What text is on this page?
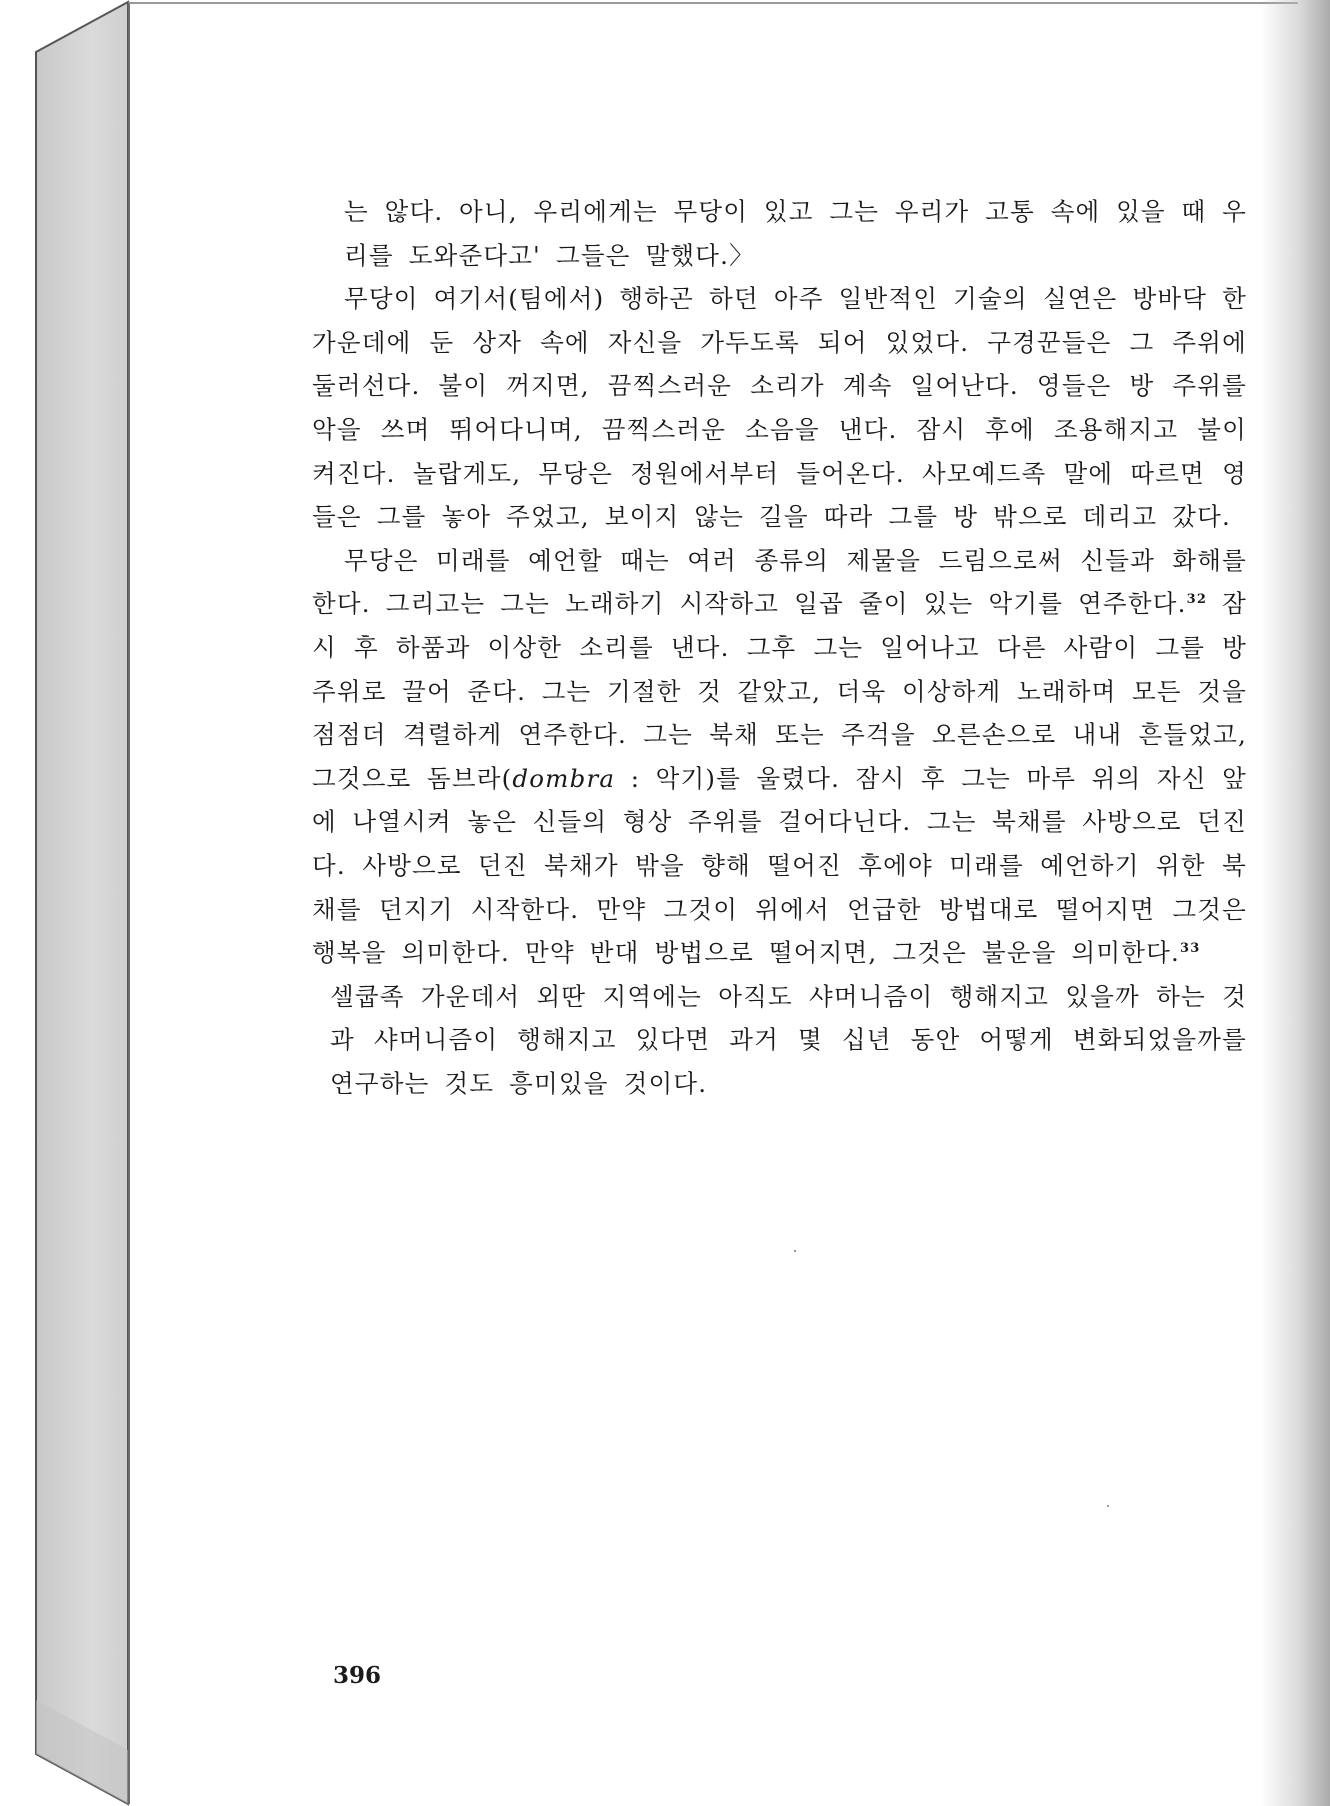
는 않다. 아니, 우리에게는 무당이 있고 그는 우리가 고통 속에 있을 때 우리를 도와준다고' 그들은 말했다.〉

무당이 여기서(팀에서) 행하곤 하던 아주 일반적인 기술의 실연은 방바닥 한가운데에 둔 상자 속에 자신을 가두도록 되어 있었다. 구경꾼들은 그 주위에 둘러선다. 불이 꺼지면, 끔찍스러운 소리가 계속 일어난다. 영들은 방 주위를 악을 쓰며 뛰어다니며, 끔찍스러운 소음을 낸다. 잠시 후에 조용해지고 불이 켜진다. 놀랍게도, 무당은 정원에서부터 들어온다. 사모예드족 말에 따르면 영들은 그를 놓아 주었고, 보이지 않는 길을 따라 그를 방 밖으로 데리고 갔다.

무당은 미래를 예언할 때는 여러 종류의 제물을 드림으로써 신들과 화해를 한다. 그리고는 그는 노래하기 시작하고 일곱 줄이 있는 악기를 연주한다.$^{32}$ 잠시 후 하품과 이상한 소리를 낸다. 그후 그는 일어나고 다른 사람이 그를 방 주위로 끌어 준다. 그는 기절한 것 같았고, 더욱 이상하게 노래하며 모든 것을 점점더 격렬하게 연주한다. 그는 북채 또는 주걱을 오른손으로 내내 흔들었고, 그것으로 돔브라(dombra : 악기)를 울렸다. 잠시 후 그는 마루 위의 자신 앞에 나열시켜 놓은 신들의 형상 주위를 걸어다닌다. 그는 북채를 사방으로 던진다. 사방으로 던진 북채가 밖을 향해 떨어진 후에야 미래를 예언하기 위한 북채를 던지기 시작한다. 만약 그것이 위에서 언급한 방법대로 떨어지면 그것은 행복을 의미한다. 만약 반대 방법으로 떨어지면, 그것은 불운을 의미한다.$^{33}$

셀쿱족 가운데서 외딴 지역에는 아직도 샤머니즘이 행해지고 있을까 하는 것과 샤머니즘이 행해지고 있다면 과거 몇 십년 동안 어떻게 변화되었을까를 연구하는 것도 흥미있을 것이다.

396
